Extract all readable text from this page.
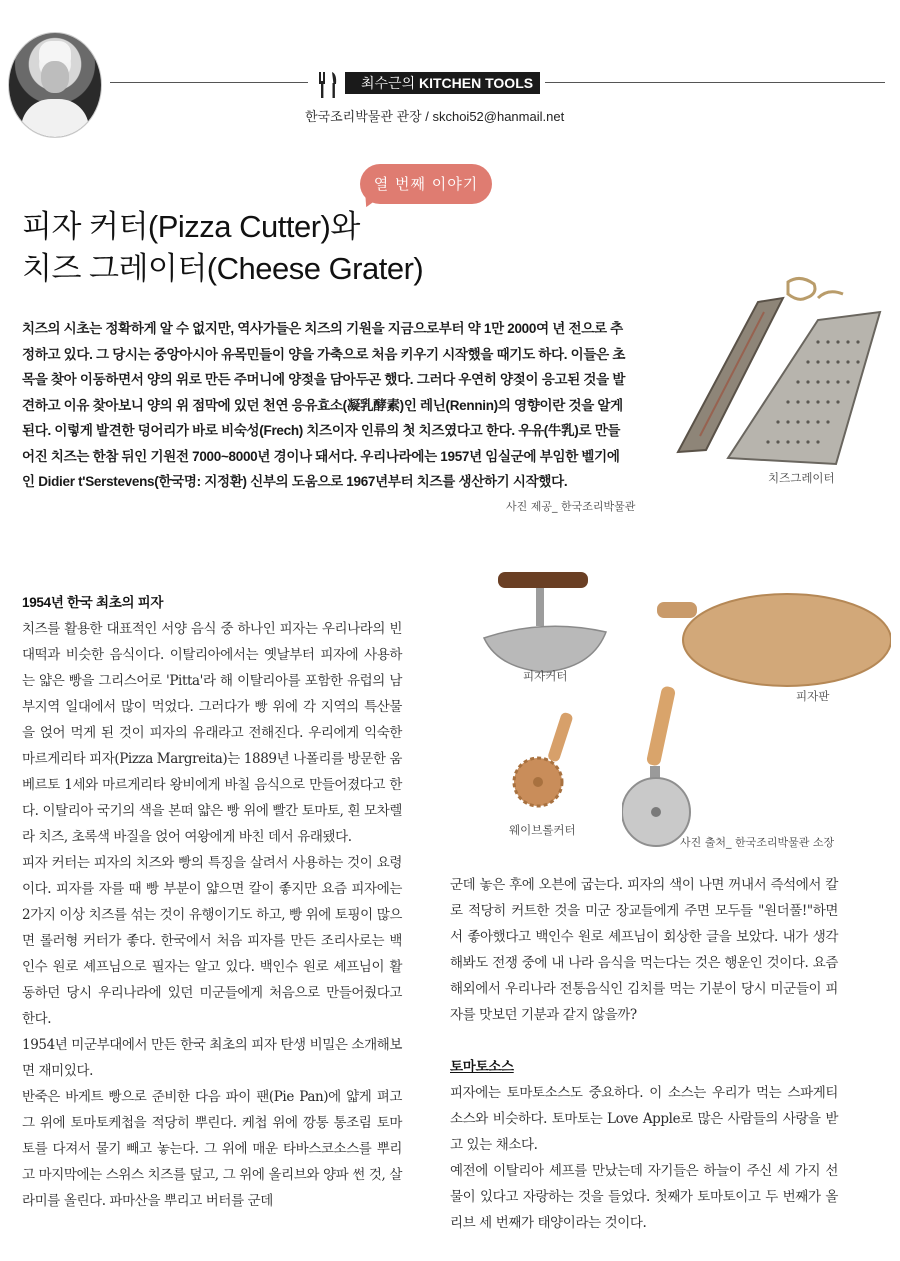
최수근의 KITCHEN TOOLS
한국조리박물관 관장 / skchoi52@hanmail.net
열 번째 이야기
피자 커터(Pizza Cutter)와
치즈 그레이터(Cheese Grater)
치즈의 시초는 정확하게 알 수 없지만, 역사가들은 치즈의 기원을 지금으로부터 약 1만 2000여 년 전으로 추정하고 있다. 그 당시는 중앙아시아 유목민들이 양을 가축으로 처음 키우기 시작했을 때기도 하다. 이들은 초목을 찾아 이동하면서 양의 위로 만든 주머니에 양젖을 담아두곤 했다. 그러다 우연히 양젖이 응고된 것을 발견하고 이유 찾아보니 양의 위 점막에 있던 천연 응유효소(凝乳酵素)인 레닌(Rennin)의 영향이란 것을 알게 된다. 이렇게 발견한 덩어리가 바로 비숙성(Frech) 치즈이자 인류의 첫 치즈였다고 한다. 우유(牛乳)로 만들어진 치즈는 한참 뒤인 기원전 7000~8000년 경이나 돼서다. 우리나라에는 1957년 임실군에 부임한 벨기에인 Didier t'Serstevens(한국명: 지정환) 신부의 도움으로 1967년부터 치즈를 생산하기 시작했다.
사진 제공_ 한국조리박물관
치즈그레이터
1954년 한국 최초의 피자

치즈를 활용한 대표적인 서양 음식 중 하나인 피자는 우리나라의 빈대떡과 비슷한 음식이다. 이탈리아에서는 옛날부터 피자에 사용하는 얇은 빵을 그리스어로 'Pitta'라 해 이탈리아를 포함한 유럽의 남부지역 일대에서 많이 먹었다. 그러다가 빵 위에 각 지역의 특산물을 얹어 먹게 된 것이 피자의 유래라고 전해진다. 우리에게 익숙한 마르게리타 피자(Pizza Margreita)는 1889년 나폴리를 방문한 움베르토 1세와 마르게리타 왕비에게 바칠 음식으로 만들어졌다고 한다. 이탈리아 국기의 색을 본떠 얇은 빵 위에 빨간 토마토, 흰 모차렐라 치즈, 초록색 바질을 얹어 여왕에게 바친 데서 유래됐다.

피자 커터는 피자의 치즈와 빵의 특징을 살려서 사용하는 것이 요령이다. 피자를 자를 때 빵 부분이 얇으면 칼이 좋지만 요즘 피자에는 2가지 이상 치즈를 섞는 것이 유행이기도 하고, 빵 위에 토핑이 많으면 롤러형 커터가 좋다. 한국에서 처음 피자를 만든 조리사로는 백인수 원로 셰프님으로 필자는 알고 있다. 백인수 원로 셰프님이 활동하던 당시 우리나라에 있던 미군들에게 처음으로 만들어줬다고 한다.

1954년 미군부대에서 만든 한국 최초의 피자 탄생 비밀은 소개해보면 재미있다.

반죽은 바게트 빵으로 준비한 다음 파이 팬(Pie Pan)에 얇게 펴고 그 위에 토마토케첩을 적당히 뿌린다. 케첩 위에 깡통 통조림 토마토를 다져서 물기 빼고 놓는다. 그 위에 매운 타바스코소스를 뿌리고 마지막에는 스위스 치즈를 덮고, 그 위에 올리브와 양파 썬 것, 살라미를 올린다. 파마산을 뿌리고 버터를 군데

피자커터
피자판
웨이브롤커터
사진 출처_ 한국조리박물관 소장

군데 놓은 후에 오븐에 굽는다. 피자의 색이 나면 꺼내서 즉석에서 칼로 적당히 커트한 것을 미군 장교들에게 주면 모두들 "원더풀!"하면서 좋아했다고 백인수 원로 셰프님이 회상한 글을 보았다. 내가 생각해봐도 전쟁 중에 내 나라 음식을 먹는다는 것은 행운인 것이다. 요즘 해외에서 우리나라 전통음식인 김치를 먹는 기분이 당시 미군들이 피자를 맛보던 기분과 같지 않을까?

토마토소스

피자에는 토마토소스도 중요하다. 이 소스는 우리가 먹는 스파게티 소스와 비슷하다. 토마토는 Love Apple로 많은 사람들의 사랑을 받고 있는 채소다.

예전에 이탈리아 셰프를 만났는데 자기들은 하늘이 주신 세 가지 선물이 있다고 자랑하는 것을 들었다. 첫째가 토마토이고 두 번째가 올리브 세 번째가 태양이라는 것이다.
